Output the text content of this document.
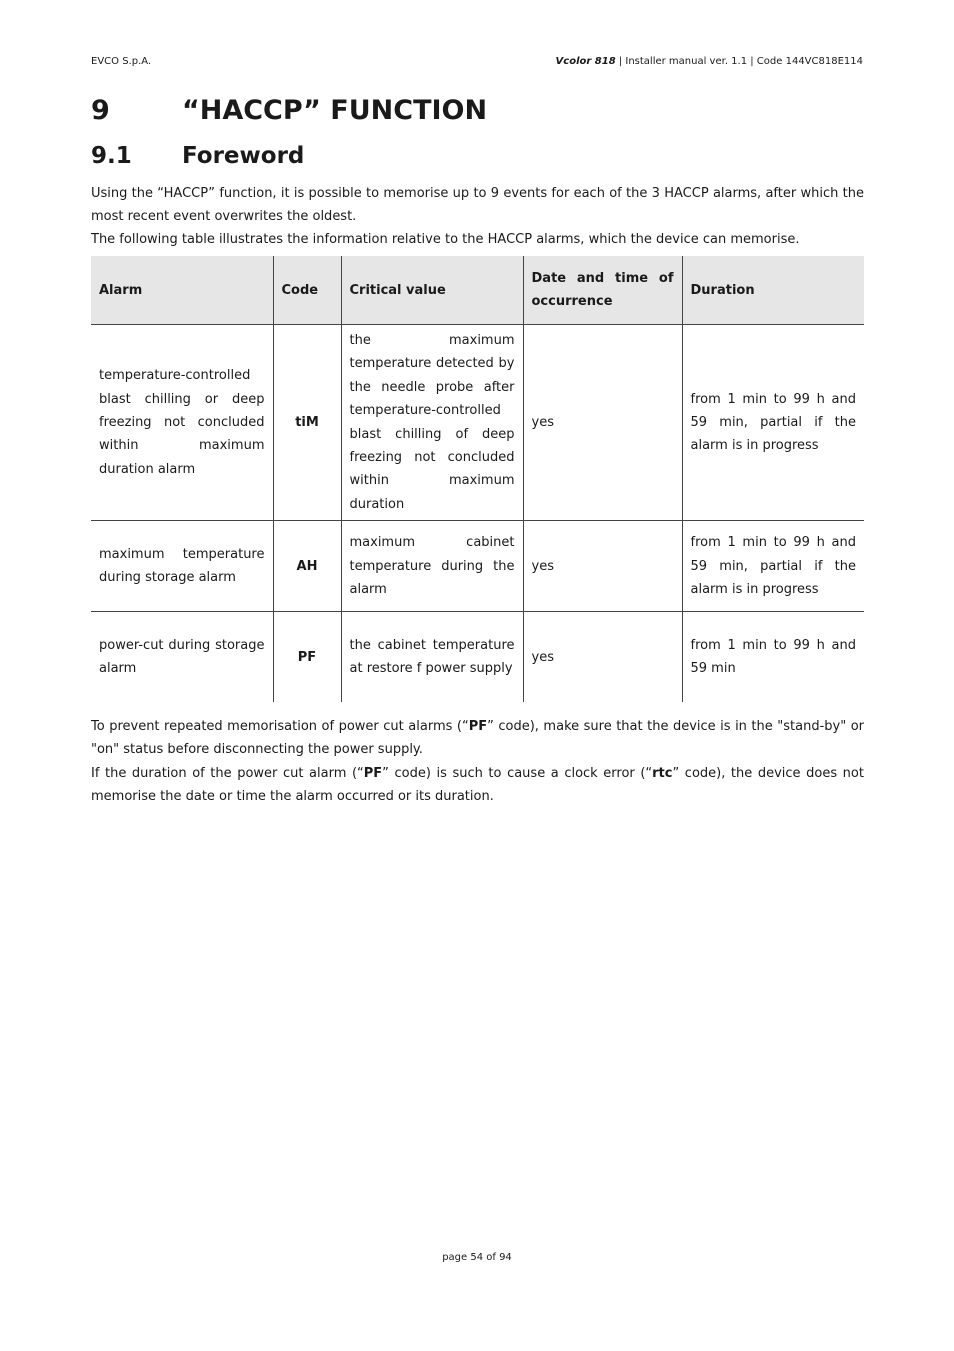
EVCO S.p.A.	Vcolor 818 | Installer manual ver. 1.1 | Code 144VC818E114
9	“HACCP” FUNCTION
9.1 Foreword

Using the “HACCP” function, it is possible to memorise up to 9 events for each of the 3 HACCP alarms, after which the most recent event overwrites the oldest.

The following table illustrates the information relative to the HACCP alarms, which the device can memorise.

Alarm	Code	Critical value	Date and time of occurrence	Duration
temperature-controlled blast chilling or deep freezing not concluded within maximum duration alarm	tiM	the maximum temperature detected by the needle probe after temperature-controlled blast chilling of deep freezing not concluded within maximum duration	yes	from 1 min to 99 h and 59 min, partial if the alarm is in progress
maximum temperature during storage alarm	AH	maximum cabinet temperature during the alarm	yes	from 1 min to 99 h and 59 min, partial if the alarm is in progress
power-cut during storage alarm	PF	the cabinet temperature at restore f power supply	yes	from 1 min to 99 h and 59 min

To prevent repeated memorisation of power cut alarms (“PF” code), make sure that the device is in the "stand-by" or "on" status before disconnecting the power supply.

If the duration of the power cut alarm (“PF” code) is such to cause a clock error (“rtc” code), the device does not memorise the date or time the alarm occurred or its duration.

page 54 of 94
